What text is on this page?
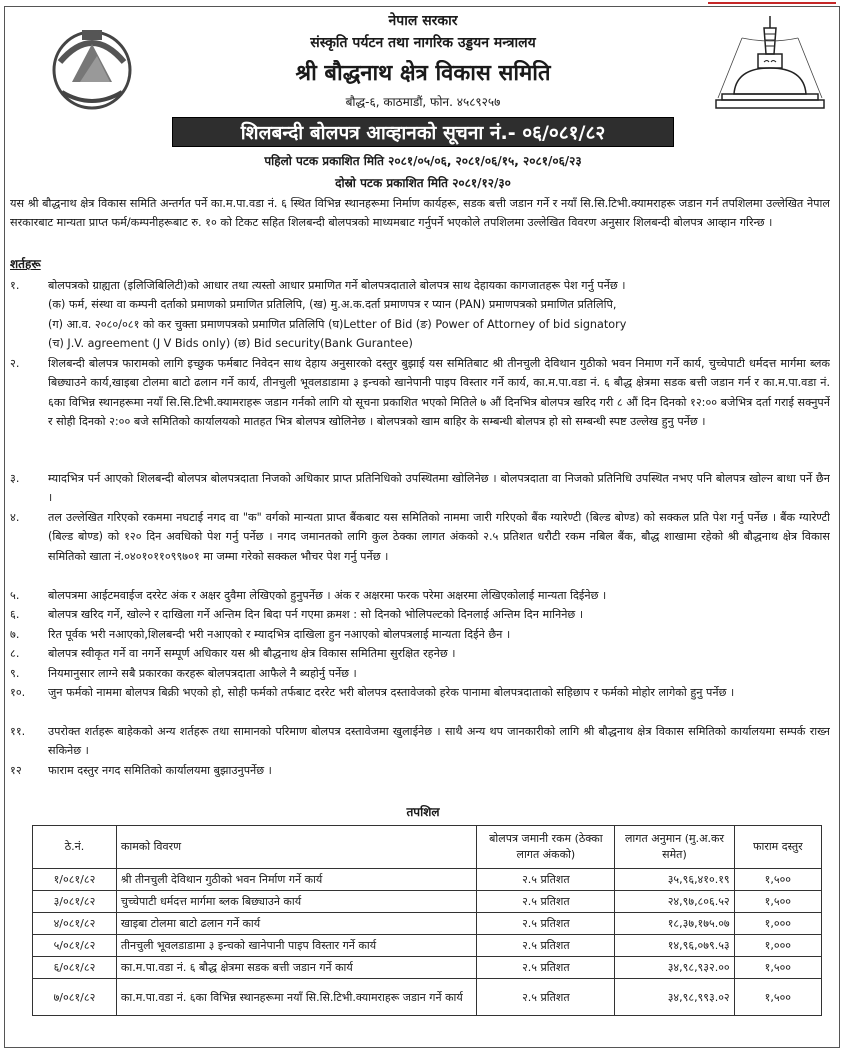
नेपाल सरकार
संस्कृति पर्यटन तथा नागरिक उड्डयन मन्त्रालय
श्री बौद्धनाथ क्षेत्र विकास समिति
बौद्ध-६, काठमाडौं, फोन. ४५८९२५७
शिलबन्दी बोलपत्र आव्हानको सूचना नं.- ०६/०८१/८२
पहिलो पटक प्रकाशित मिति २०८१/०५/०६, २०८१/०६/१५, २०८१/०६/२३
दोस्रो पटक प्रकाशित मिति २०८१/१२/३०
यस श्री बौद्धनाथ क्षेत्र विकास समिति अन्तर्गत पर्ने का.म.पा.वडा नं. ६ स्थित विभिन्न स्थानहरूमा निर्माण कार्यहरू, सडक बत्ती जडान गर्ने र नयाँ सि.सि.टिभी.क्यामराहरू जडान गर्न तपशिलमा उल्लेखित नेपाल सरकारबाट मान्यता प्राप्त फर्म/कम्पनीहरूबाट रु. १० को टिकट सहित शिलबन्दी बोलपत्रको माध्यमबाट गर्नुपर्ने भएकोले तपशिलमा उल्लेखित विवरण अनुसार शिलबन्दी बोलपत्र आव्हान गरिन्छ ।
शर्तहरू
१.	बोलपत्रको ग्राह्यता (इलिजिबिलिटी)को आधार तथा त्यस्तो आधार प्रमाणित गर्ने बोलपत्रदाताले बोलपत्र साथ देहायका कागजातहरू पेश गर्नु पर्नेछ ।
(क) फर्म, संस्था वा कम्पनी दर्ताको प्रमाणको प्रमाणित प्रतिलिपि, (ख) मु.अ.क.दर्ता प्रमाणपत्र र प्यान (PAN) प्रमाणपत्रको प्रमाणित प्रतिलिपि,
(ग) आ.व. २०८०/०८१ को कर चुक्ता प्रमाणपत्रको प्रमाणित प्रतिलिपि (घ)Letter of Bid (ङ) Power of Attorney of bid signatory
(च) J.V. agreement (J V Bids only) (छ) Bid security(Bank Gurantee)
२.	शिलबन्दी बोलपत्र फारामको लागि इच्छुक फर्मबाट निवेदन साथ देहाय अनुसारको दस्तुर बुझाई यस समितिबाट श्री तीनचुली देविथान गुठीको भवन निमाण गर्ने कार्य, चुच्चेपाटी धर्मदत्त मार्गमा ब्लक बिछ्याउने कार्य,खाइबा टोलमा बाटो ढलान गर्ने कार्य, तीनचुली भूवलडाडामा ३ इन्चको खानेपानी पाइप विस्तार गर्ने कार्य, का.म.पा.वडा नं. ६ बौद्ध क्षेत्रमा सडक बत्ती जडान गर्न र का.म.पा.वडा नं. ६का विभिन्न स्थानहरूमा नयाँ सि.सि.टिभी.क्यामराहरू जडान गर्नको लागि यो सूचना प्रकाशित भएको मितिले ७ औं दिनभित्र बोलपत्र खरिद गरी ८ औं दिन दिनको १२:०० बजेभित्र दर्ता गराई सक्नुपर्ने र सोही दिनको २:०० बजे समितिको कार्यालयको मातहत भित्र बोलपत्र खोलिनेछ । बोलपत्रको खाम बाहिर के सम्बन्धी बोलपत्र हो सो सम्बन्धी स्पष्ट उल्लेख हुनु पर्नेछ ।
३.	म्यादभित्र पर्न आएको शिलबन्दी बोलपत्र बोलपत्रदाता निजको अधिकार प्राप्त प्रतिनिधिको उपस्थितमा खोलिनेछ । बोलपत्रदाता वा निजको प्रतिनिधि उपस्थित नभए पनि बोलपत्र खोल्न बाधा पर्ने छैन ।
४.	तल उल्लेखित गरिएको रकममा नघटाई नगद वा "क" वर्गको मान्यता प्राप्त बैंकबाट यस समितिको नाममा जारी गरिएको बैंक ग्यारेण्टी (बिल्ड बोण्ड) को सक्कल प्रति पेश गर्नु पर्नेछ । बैंक ग्यारेण्टी (बिल्ड बोण्ड) को १२० दिन अवधिको पेश गर्नु पर्नेछ । नगद जमानतको लागि कुल ठेक्का लागत अंकको २.५ प्रतिशत धरौटी रकम नबिल बैंक, बौद्ध शाखामा रहेको श्री बौद्धनाथ क्षेत्र विकास समितिको खाता नं.०४०१०११०९९७०१ मा जम्मा गरेको सक्कल भौचर पेश गर्नु पर्नेछ ।
५.	बोलपत्रमा आईटमवाईज दररेट अंक र अक्षर दुवैमा लेखिएको हुनुपर्नेछ । अंक र अक्षरमा फरक परेमा अक्षरमा लेखिएकोलाई मान्यता दिईनेछ ।
६.	बोलपत्र खरिद गर्ने, खोल्ने र दाखिला गर्ने अन्तिम दिन बिदा पर्न गएमा क्रमश : सो दिनको भोलिपल्टको दिनलाई अन्तिम दिन मानिनेछ ।
७.	रित पूर्वक भरी नआएको,शिलबन्दी भरी नआएको र म्यादभित्र दाखिला हुन नआएको बोलपत्रलाई मान्यता दिईने छैन ।
८.	बोलपत्र स्वीकृत गर्ने वा नगर्ने सम्पूर्ण अधिकार यस श्री बौद्धनाथ क्षेत्र विकास समितिमा सुरक्षित रहनेछ ।
९.	नियमानुसार लाग्ने सबै प्रकारका करहरू बोलपत्रदाता आफैले नै ब्यहोर्नु पर्नेछ ।
१०.	जुन फर्मको नाममा बोलपत्र बिक्री भएको हो, सोही फर्मको तर्फबाट दररेट भरी बोलपत्र दस्तावेजको हरेक पानामा बोलपत्रदाताको सहिछाप र फर्मको मोहोर लागेको हुनु पर्नेछ ।
११.	उपरोक्त शर्तहरू बाहेकको अन्य शर्तहरू तथा सामानको परिमाण बोलपत्र दस्तावेजमा खुलाईनेछ । साथै अन्य थप जानकारीको लागि श्री बौद्धनाथ क्षेत्र विकास समितिको कार्यालयमा सम्पर्क राख्न सकिनेछ ।
१२	फाराम दस्तुर नगद समितिको कार्यालयमा बुझाउनुपर्नेछ ।
तपशिल
ठे.नं.	कामको विवरण	बोलपत्र जमानी रकम (ठेक्का लागत अंकको)	लागत अनुमान (मु.अ.कर समेत)	फाराम दस्तुर
१/०८१/८२	श्री तीनचुली देविथान गुठीको भवन निर्माण गर्ने कार्य	२.५ प्रतिशत	३५,९६,४१०.१९	१,५००
३/०८१/८२	चुच्चेपाटी धर्मदत्त मार्गमा ब्लक बिछ्याउने कार्य	२.५ प्रतिशत	२४,९७,८०६.५२	१,५००
४/०८१/८२	खाइबा टोलमा बाटो ढलान गर्ने कार्य	२.५ प्रतिशत	१८,३७,१७५.०७	१,०००
५/०८१/८२	तीनचुली भूवलडाडामा ३ इन्चको खानेपानी पाइप विस्तार गर्ने कार्य	२.५ प्रतिशत	१४,९६,०७९.५३	१,०००
६/०८१/८२	का.म.पा.वडा नं. ६ बौद्ध क्षेत्रमा सडक बत्ती जडान गर्ने कार्य	२.५ प्रतिशत	३४,९८,९३२.००	१,५००
७/०८१/८२	का.म.पा.वडा नं. ६का विभिन्न स्थानहरूमा नयाँ सि.सि.टिभी.क्यामराहरू जडान गर्ने कार्य	२.५ प्रतिशत	३४,९८,९९३.०२	१,५००
